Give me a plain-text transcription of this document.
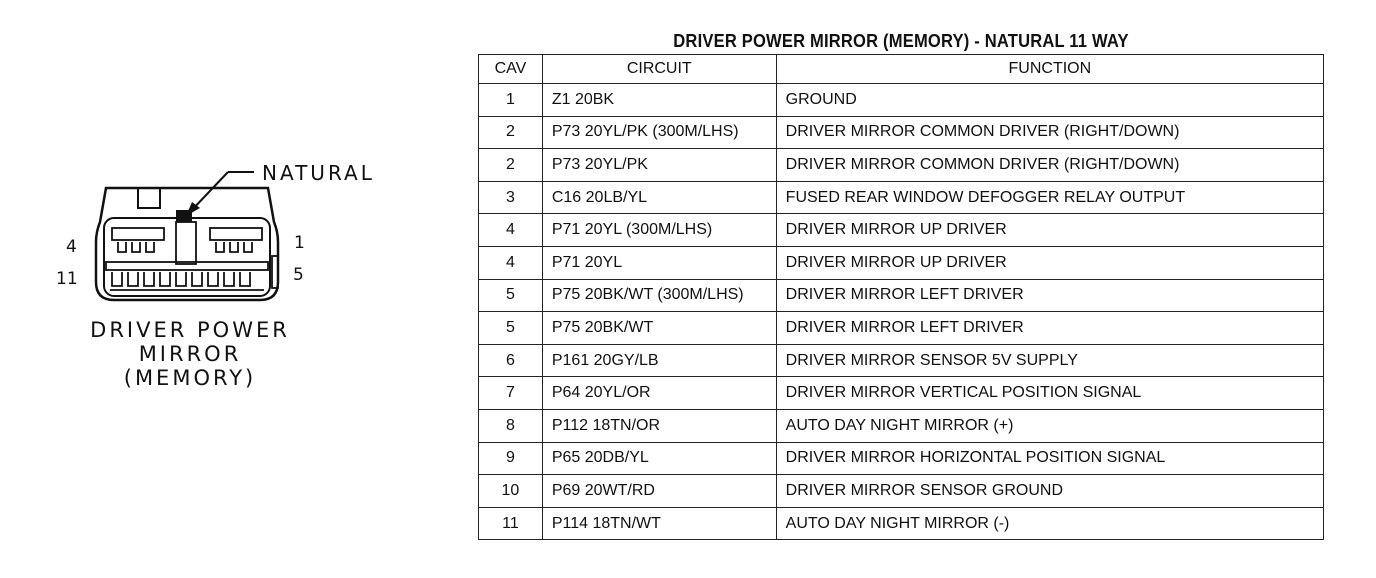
NATURAL
4
11
1
5
DRIVER POWER
MIRROR
(MEMORY)
DRIVER POWER MIRROR (MEMORY) - NATURAL 11 WAY
CAV	CIRCUIT	FUNCTION
1	Z1 20BK	GROUND
2	P73 20YL/PK (300M/LHS)	DRIVER MIRROR COMMON DRIVER (RIGHT/DOWN)
2	P73 20YL/PK	DRIVER MIRROR COMMON DRIVER (RIGHT/DOWN)
3	C16 20LB/YL	FUSED REAR WINDOW DEFOGGER RELAY OUTPUT
4	P71 20YL (300M/LHS)	DRIVER MIRROR UP DRIVER
4	P71 20YL	DRIVER MIRROR UP DRIVER
5	P75 20BK/WT (300M/LHS)	DRIVER MIRROR LEFT DRIVER
5	P75 20BK/WT	DRIVER MIRROR LEFT DRIVER
6	P161 20GY/LB	DRIVER MIRROR SENSOR 5V SUPPLY
7	P64 20YL/OR	DRIVER MIRROR VERTICAL POSITION SIGNAL
8	P112 18TN/OR	AUTO DAY NIGHT MIRROR (+)
9	P65 20DB/YL	DRIVER MIRROR HORIZONTAL POSITION SIGNAL
10	P69 20WT/RD	DRIVER MIRROR SENSOR GROUND
11	P114 18TN/WT	AUTO DAY NIGHT MIRROR (-)
